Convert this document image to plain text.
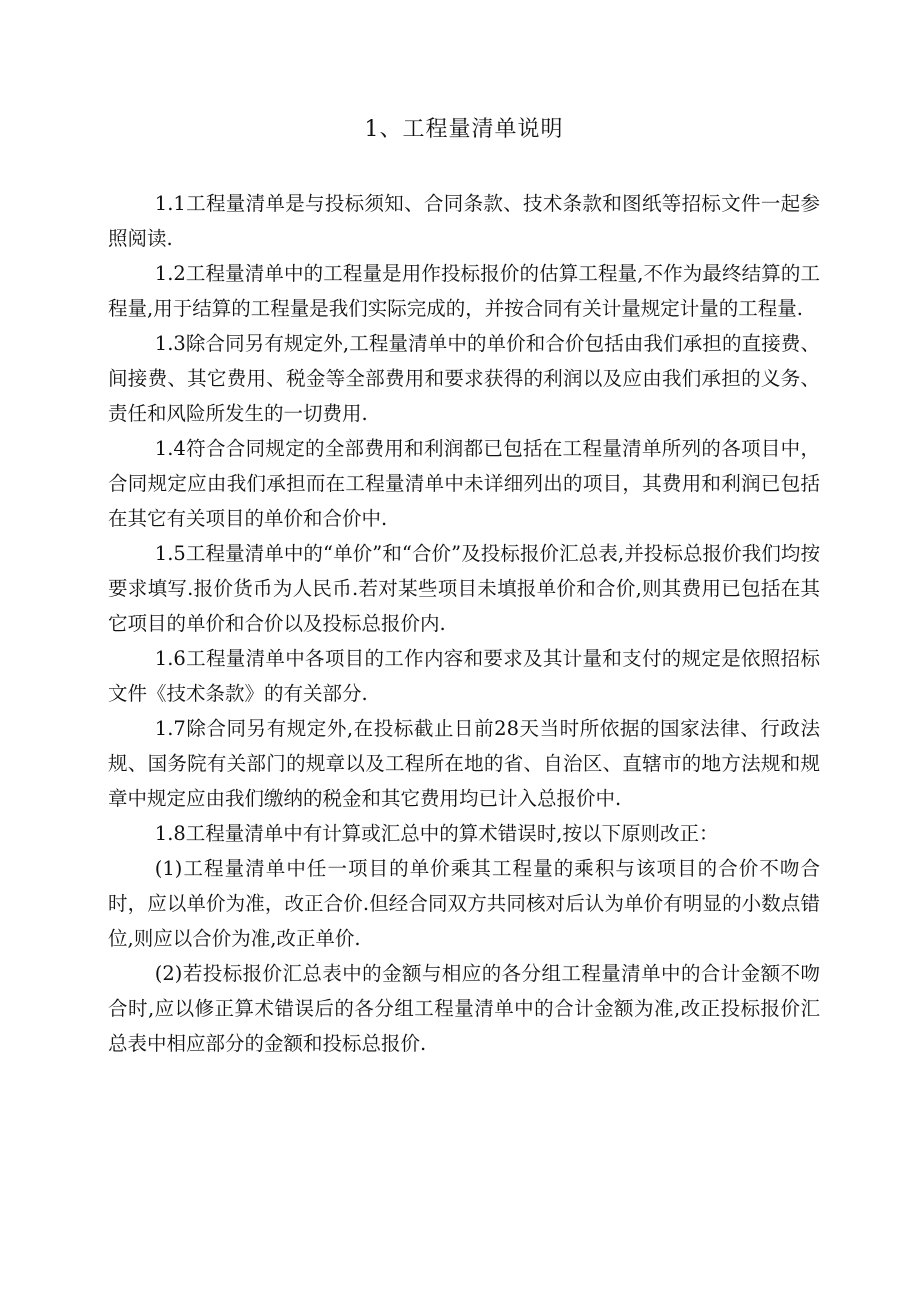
1、工程量清单说明

1.1工程量清单是与投标须知、合同条款、技术条款和图纸等招标文件一起参照阅读.

1.2工程量清单中的工程量是用作投标报价的估算工程量,不作为最终结算的工程量,用于结算的工程量是我们实际完成的，并按合同有关计量规定计量的工程量.

1.3除合同另有规定外,工程量清单中的单价和合价包括由我们承担的直接费、间接费、其它费用、税金等全部费用和要求获得的利润以及应由我们承担的义务、责任和风险所发生的一切费用.

1.4符合合同规定的全部费用和利润都已包括在工程量清单所列的各项目中，合同规定应由我们承担而在工程量清单中未详细列出的项目，其费用和利润已包括在其它有关项目的单价和合价中.

1.5工程量清单中的“单价”和“合价”及投标报价汇总表,并投标总报价我们均按要求填写.报价货币为人民币.若对某些项目未填报单价和合价,则其费用已包括在其它项目的单价和合价以及投标总报价内.

1.6工程量清单中各项目的工作内容和要求及其计量和支付的规定是依照招标文件《技术条款》的有关部分.

1.7除合同另有规定外,在投标截止日前28天当时所依据的国家法律、行政法规、国务院有关部门的规章以及工程所在地的省、自治区、直辖市的地方法规和规章中规定应由我们缴纳的税金和其它费用均已计入总报价中.

1.8工程量清单中有计算或汇总中的算术错误时,按以下原则改正：

(1)工程量清单中任一项目的单价乘其工程量的乘积与该项目的合价不吻合时，应以单价为准，改正合价.但经合同双方共同核对后认为单价有明显的小数点错位,则应以合价为准,改正单价.

(2)若投标报价汇总表中的金额与相应的各分组工程量清单中的合计金额不吻合时,应以修正算术错误后的各分组工程量清单中的合计金额为准,改正投标报价汇总表中相应部分的金额和投标总报价.
